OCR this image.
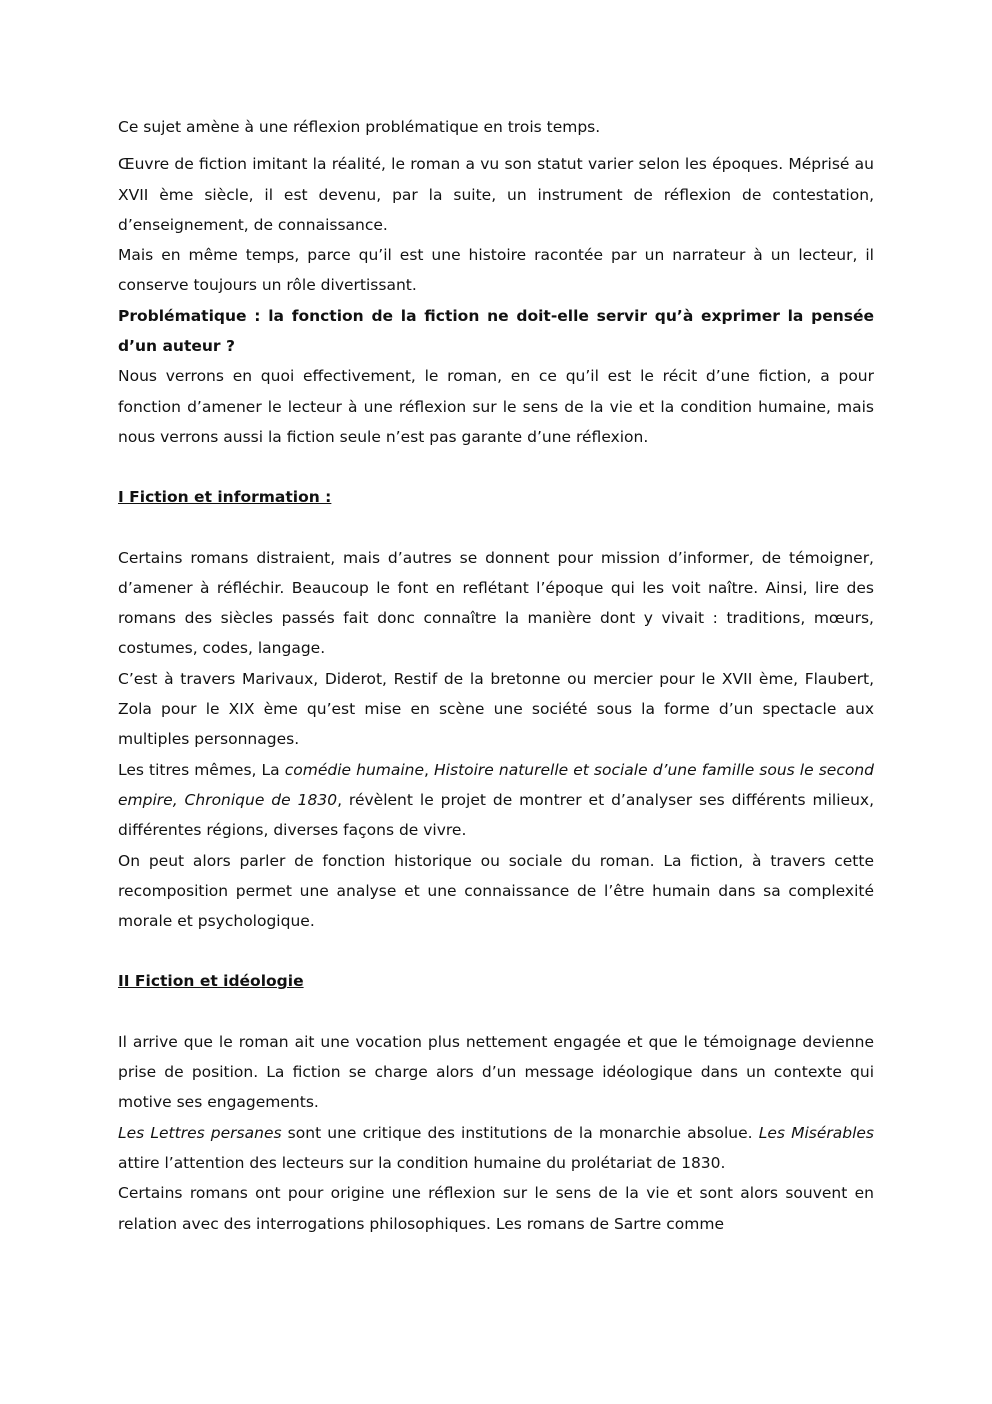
Ce sujet amène à une réflexion problématique en trois temps.

Œuvre de fiction imitant la réalité, le roman a vu son statut varier selon les époques. Méprisé au XVII ème siècle, il est devenu, par la suite, un instrument de réflexion de contestation, d’enseignement, de connaissance.

Mais en même temps, parce qu’il est une histoire racontée par un narrateur à un lecteur, il conserve toujours un rôle divertissant.

Problématique : la fonction de la fiction ne doit-elle servir qu’à exprimer la pensée d’un auteur ?

Nous verrons en quoi effectivement, le roman, en ce qu’il est le récit d’une fiction, a pour fonction d’amener le lecteur à une réflexion sur le sens de la vie et la condition humaine, mais nous verrons aussi la fiction seule n’est pas garante d’une réflexion.

I Fiction et information :

Certains romans distraient, mais d’autres se donnent pour mission d’informer, de témoigner, d’amener à réfléchir. Beaucoup le font en reflétant l’époque qui les voit naître. Ainsi, lire des romans des siècles passés fait donc connaître la manière dont y vivait : traditions, mœurs, costumes, codes, langage.

C’est à travers Marivaux, Diderot, Restif de la bretonne ou mercier pour le XVII ème, Flaubert, Zola pour le XIX ème qu’est mise en scène une société sous la forme d’un spectacle aux multiples personnages.

Les titres mêmes, La comédie humaine, Histoire naturelle et sociale d’une famille sous le second empire, Chronique de 1830, révèlent le projet de montrer et d’analyser ses différents milieux, différentes régions, diverses façons de vivre.

On peut alors parler de fonction historique ou sociale du roman. La fiction, à travers cette recomposition permet une analyse et une connaissance de l’être humain dans sa complexité morale et psychologique.

II Fiction et idéologie

Il arrive que le roman ait une vocation plus nettement engagée et que le témoignage devienne prise de position. La fiction se charge alors d’un message idéologique dans un contexte qui motive ses engagements.

Les Lettres persanes sont une critique des institutions de la monarchie absolue. Les Misérables attire l’attention des lecteurs sur la condition humaine du prolétariat de 1830.

Certains romans ont pour origine une réflexion sur le sens de la vie et sont alors souvent en relation avec des interrogations philosophiques. Les romans de Sartre comme
